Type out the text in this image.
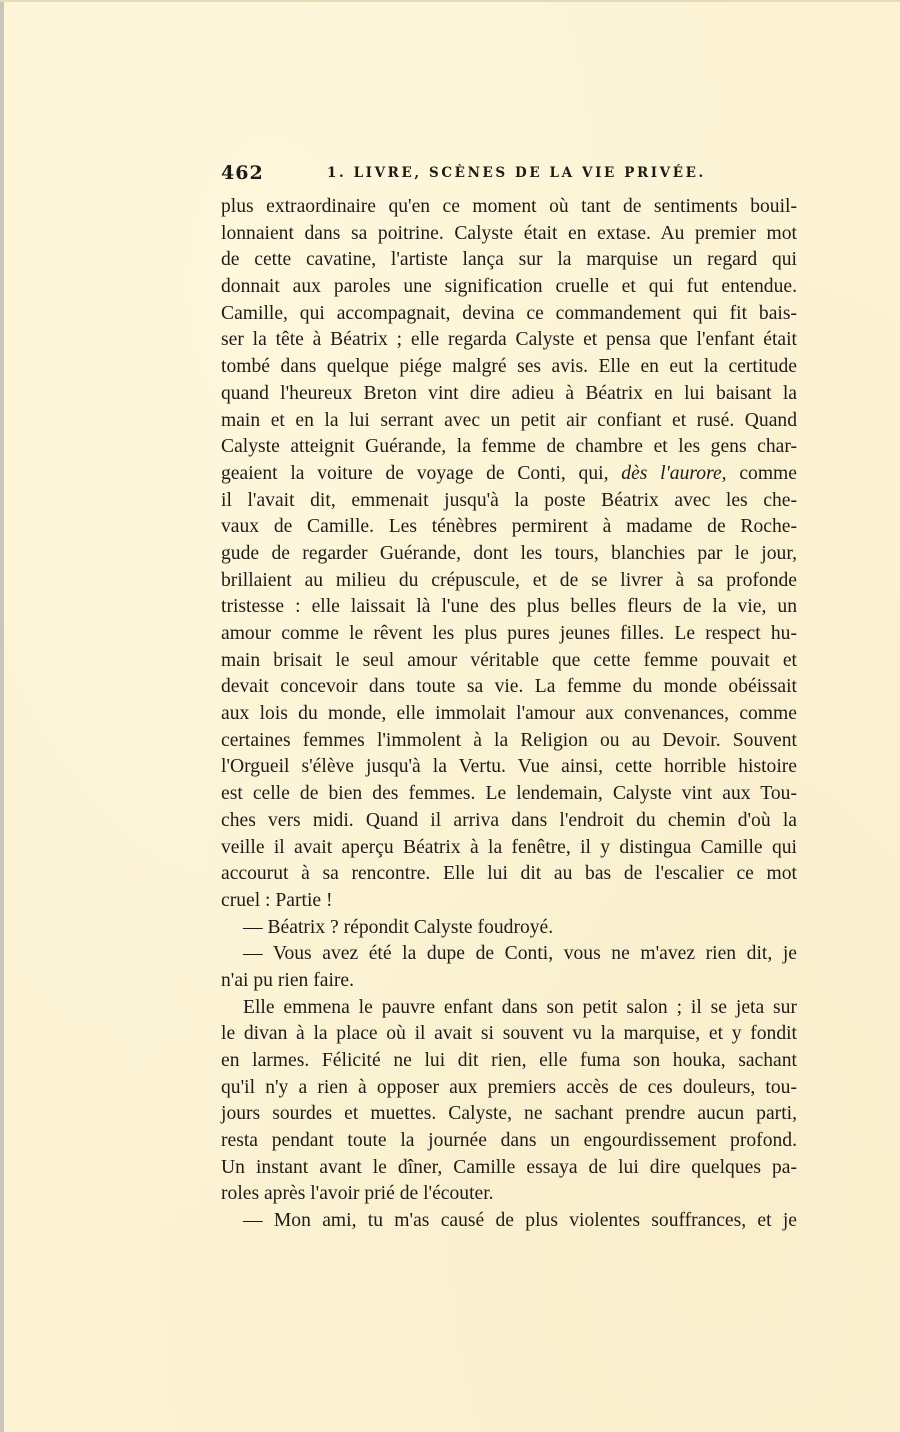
462	1. LIVRE, SCÈNES DE LA VIE PRIVÉE.
plus extraordinaire qu'en ce moment où tant de sentiments bouil-
lonnaient dans sa poitrine. Calyste était en extase. Au premier mot
de cette cavatine, l'artiste lança sur la marquise un regard qui
donnait aux paroles une signification cruelle et qui fut entendue.
Camille, qui accompagnait, devina ce commandement qui fit bais-
ser la tête à Béatrix ; elle regarda Calyste et pensa que l'enfant était
tombé dans quelque piége malgré ses avis. Elle en eut la certitude
quand l'heureux Breton vint dire adieu à Béatrix en lui baisant la
main et en la lui serrant avec un petit air confiant et rusé. Quand
Calyste atteignit Guérande, la femme de chambre et les gens char-
geaient la voiture de voyage de Conti, qui, dès l'aurore, comme
il l'avait dit, emmenait jusqu'à la poste Béatrix avec les che-
vaux de Camille. Les ténèbres permirent à madame de Roche-
gude de regarder Guérande, dont les tours, blanchies par le jour,
brillaient au milieu du crépuscule, et de se livrer à sa profonde
tristesse : elle laissait là l'une des plus belles fleurs de la vie, un
amour comme le rêvent les plus pures jeunes filles. Le respect hu-
main brisait le seul amour véritable que cette femme pouvait et
devait concevoir dans toute sa vie. La femme du monde obéissait
aux lois du monde, elle immolait l'amour aux convenances, comme
certaines femmes l'immolent à la Religion ou au Devoir. Souvent
l'Orgueil s'élève jusqu'à la Vertu. Vue ainsi, cette horrible histoire
est celle de bien des femmes. Le lendemain, Calyste vint aux Tou-
ches vers midi. Quand il arriva dans l'endroit du chemin d'où la
veille il avait aperçu Béatrix à la fenêtre, il y distingua Camille qui
accourut à sa rencontre. Elle lui dit au bas de l'escalier ce mot
cruel : Partie !
— Béatrix ? répondit Calyste foudroyé.
— Vous avez été la dupe de Conti, vous ne m'avez rien dit, je
n'ai pu rien faire.
Elle emmena le pauvre enfant dans son petit salon ; il se jeta sur
le divan à la place où il avait si souvent vu la marquise, et y fondit
en larmes. Félicité ne lui dit rien, elle fuma son houka, sachant
qu'il n'y a rien à opposer aux premiers accès de ces douleurs, tou-
jours sourdes et muettes. Calyste, ne sachant prendre aucun parti,
resta pendant toute la journée dans un engourdissement profond.
Un instant avant le dîner, Camille essaya de lui dire quelques pa-
roles après l'avoir prié de l'écouter.
— Mon ami, tu m'as causé de plus violentes souffrances, et je
